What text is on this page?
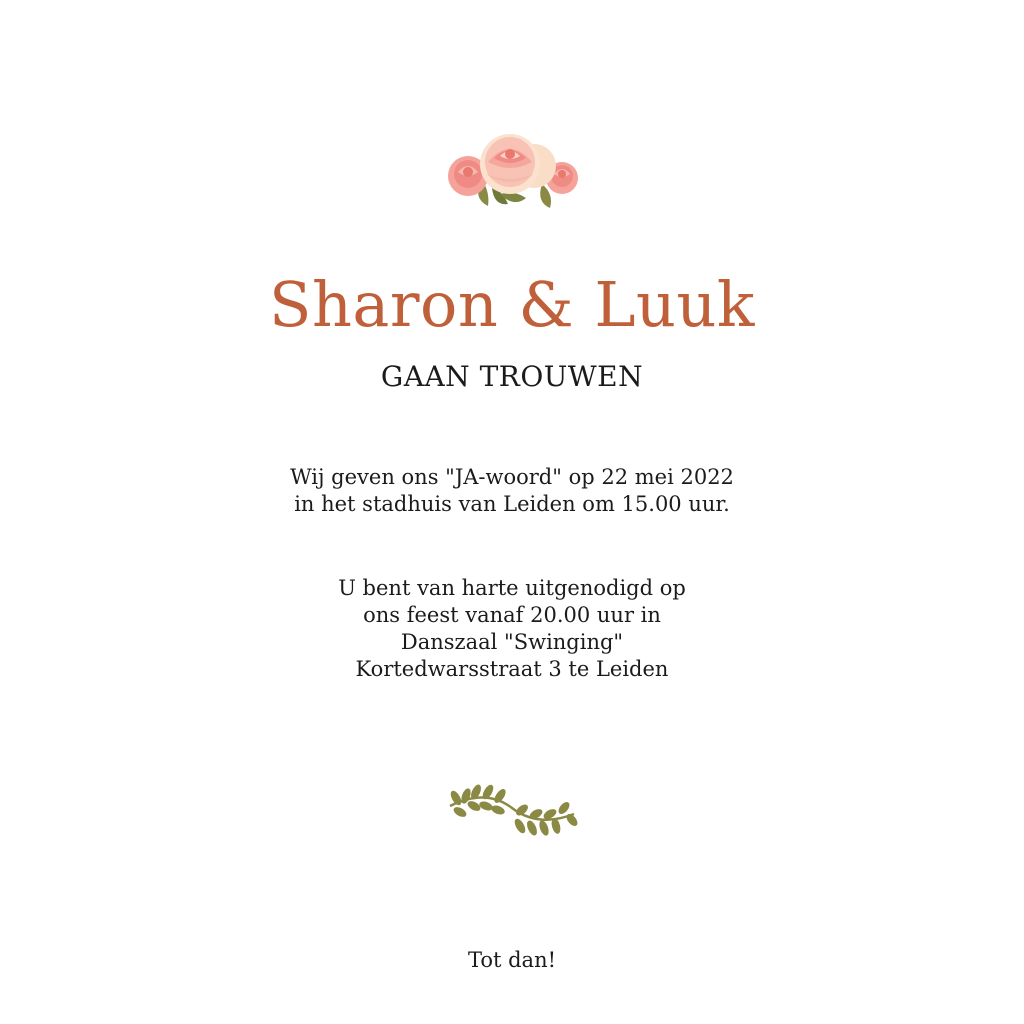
Sharon & Luuk
GAAN TROUWEN
Wij geven ons "JA-woord" op 22 mei 2022
in het stadhuis van Leiden om 15.00 uur.
U bent van harte uitgenodigd op
ons feest vanaf 20.00 uur in
Danszaal "Swinging"
Kortedwarsstraat 3 te Leiden
Tot dan!
